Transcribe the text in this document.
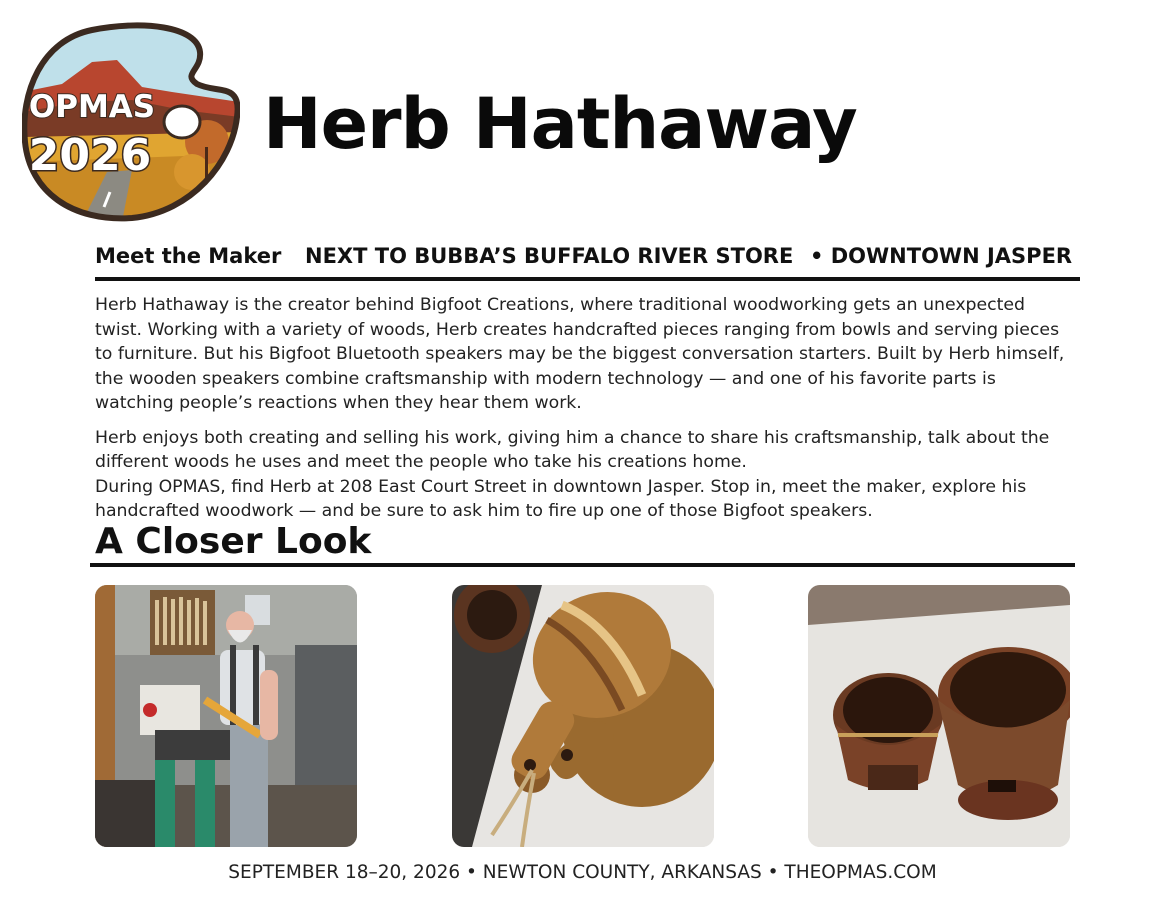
OPMAS
2026 Herb Hathaway
Meet the Maker NEXT TO BUBBA’S BUFFALO RIVER STORE • DOWNTOWN JASPER

Herb Hathaway is the creator behind Bigfoot Creations, where traditional woodworking gets an unexpected twist. Working with a variety of woods, Herb creates handcrafted pieces ranging from bowls and serving pieces to furniture. But his Bigfoot Bluetooth speakers may be the biggest conversation starters. Built by Herb himself, the wooden speakers combine craftsmanship with modern technology — and one of his favorite parts is watching people’s reactions when they hear them work.

Herb enjoys both creating and selling his work, giving him a chance to share his craftsmanship, talk about the different woods he uses and meet the people who take his creations home.

During OPMAS, find Herb at 208 East Court Street in downtown Jasper. Stop in, meet the maker, explore his handcrafted woodwork — and be sure to ask him to fire up one of those Bigfoot speakers.

A Closer Look
SEPTEMBER 18–20, 2026 • NEWTON COUNTY, ARKANSAS • THEOPMAS.COM
